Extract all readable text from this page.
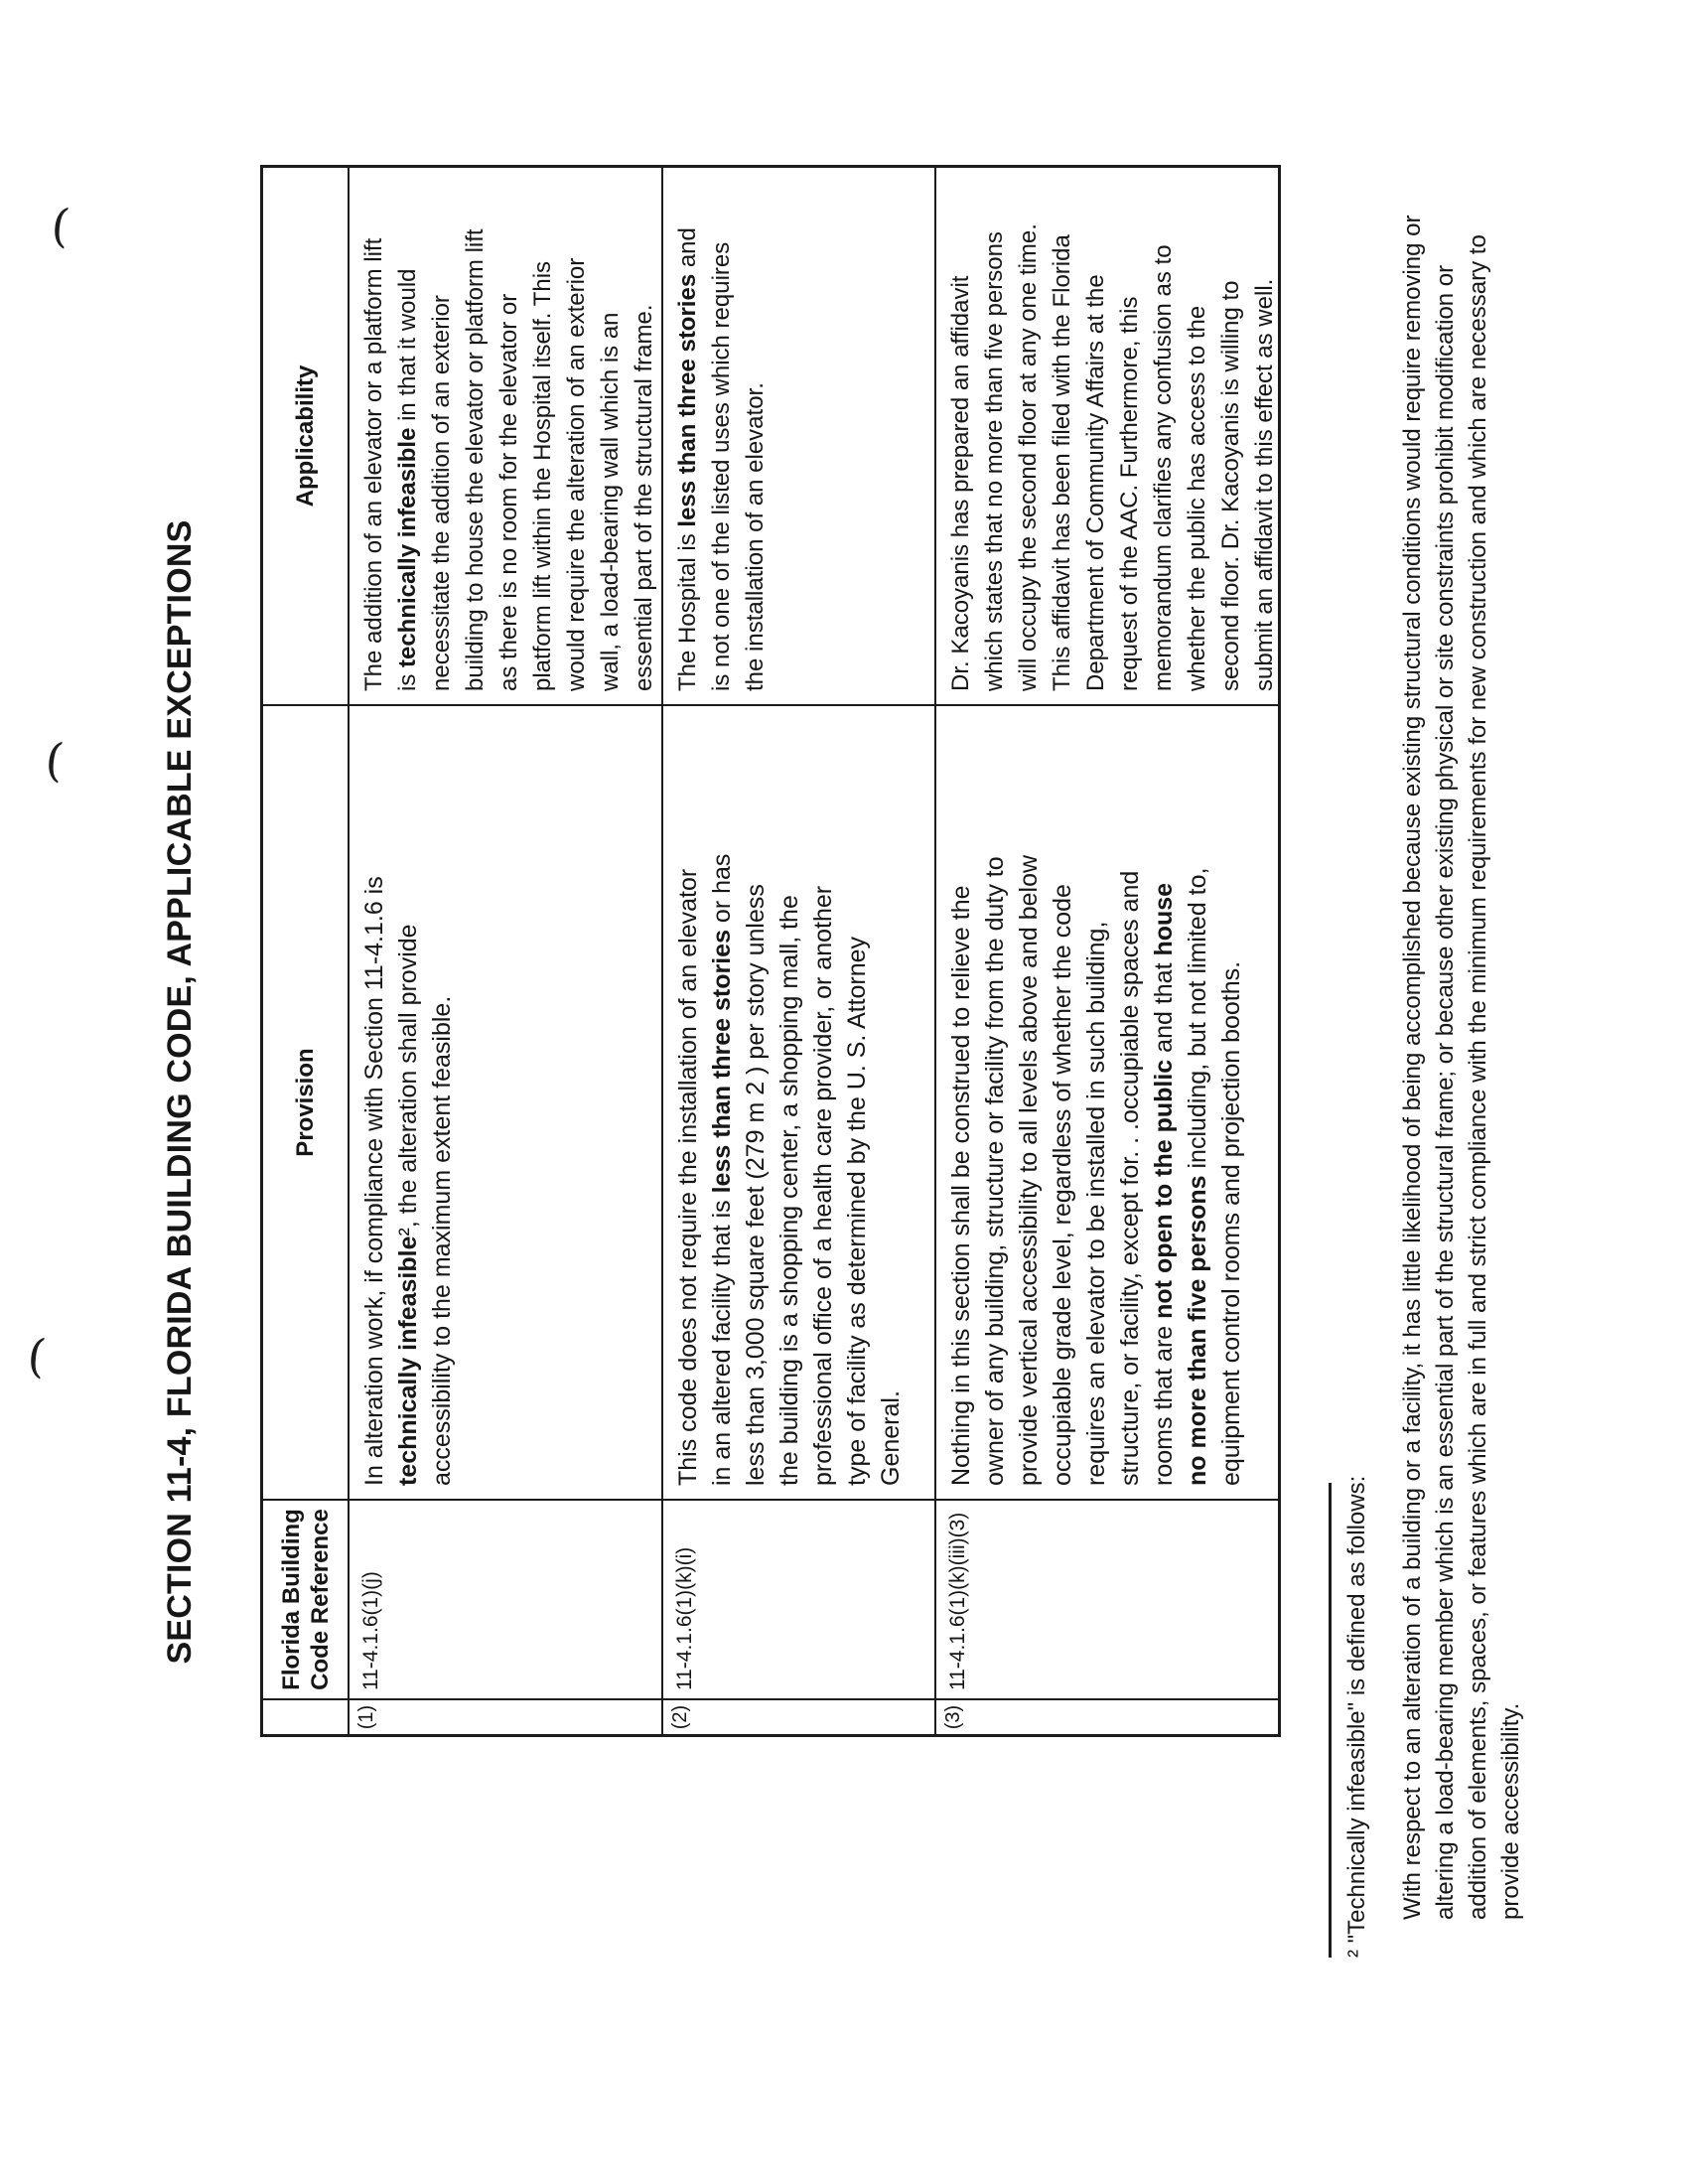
SECTION 11-4, FLORIDA BUILDING CODE, APPLICABLE EXCEPTIONS	Florida Building
Code Reference
Provision
Applicability
(1)
11-4.1.6(1)(j)
In alteration work, if compliance with Section 11-4.1.6 is technically infeasible², the alteration shall provide accessibility to the maximum extent feasible.
The addition of an elevator or a platform lift is technically infeasible in that it would necessitate the addition of an exterior building to house the elevator or platform lift as there is no room for the elevator or platform lift within the Hospital itself. This would require the alteration of an exterior wall, a load-bearing wall which is an essential part of the structural frame.
(2)
11-4.1.6(1)(k)(i)
This code does not require the installation of an elevator in an altered facility that is less than three stories or has less than 3,000 square feet (279 m 2 ) per story unless the building is a shopping center, a shopping mall, the professional office of a health care provider, or another type of facility as determined by the U. S. Attorney General.
The Hospital is less than three stories and is not one of the listed uses which requires the installation of an elevator.
(3)
11-4.1.6(1)(k)(iii)(3)
Nothing in this section shall be construed to relieve the owner of any building, structure or facility from the duty to provide vertical accessibility to all levels above and below occupiable grade level, regardless of whether the code requires an elevator to be installed in such building, structure, or facility, except for. . .occupiable spaces and rooms that are not open to the public and that house
no more than five persons including, but not limited to, equipment control rooms and projection booths.
Dr. Kacoyanis has prepared an affidavit which states that no more than five persons will occupy the second floor at any one time. This affidavit has been filed with the Florida Department of Community Affairs at the request of the AAC. Furthermore, this memorandum clarifies any confusion as to whether the public has access to the second floor. Dr. Kacoyanis is willing to submit an affidavit to this effect as well.
² "Technically infeasible" is defined as follows: With respect to an alteration of a building or a facility, it has little likelihood of being accomplished because existing structural conditions would require removing or altering a load-bearing member which is an essential part of the structural frame; or because other existing physical or site constraints prohibit modification or addition of elements, spaces, or features which are in full and strict compliance with the minimum requirements for new construction and which are necessary to provide accessibility.
(
(
(
